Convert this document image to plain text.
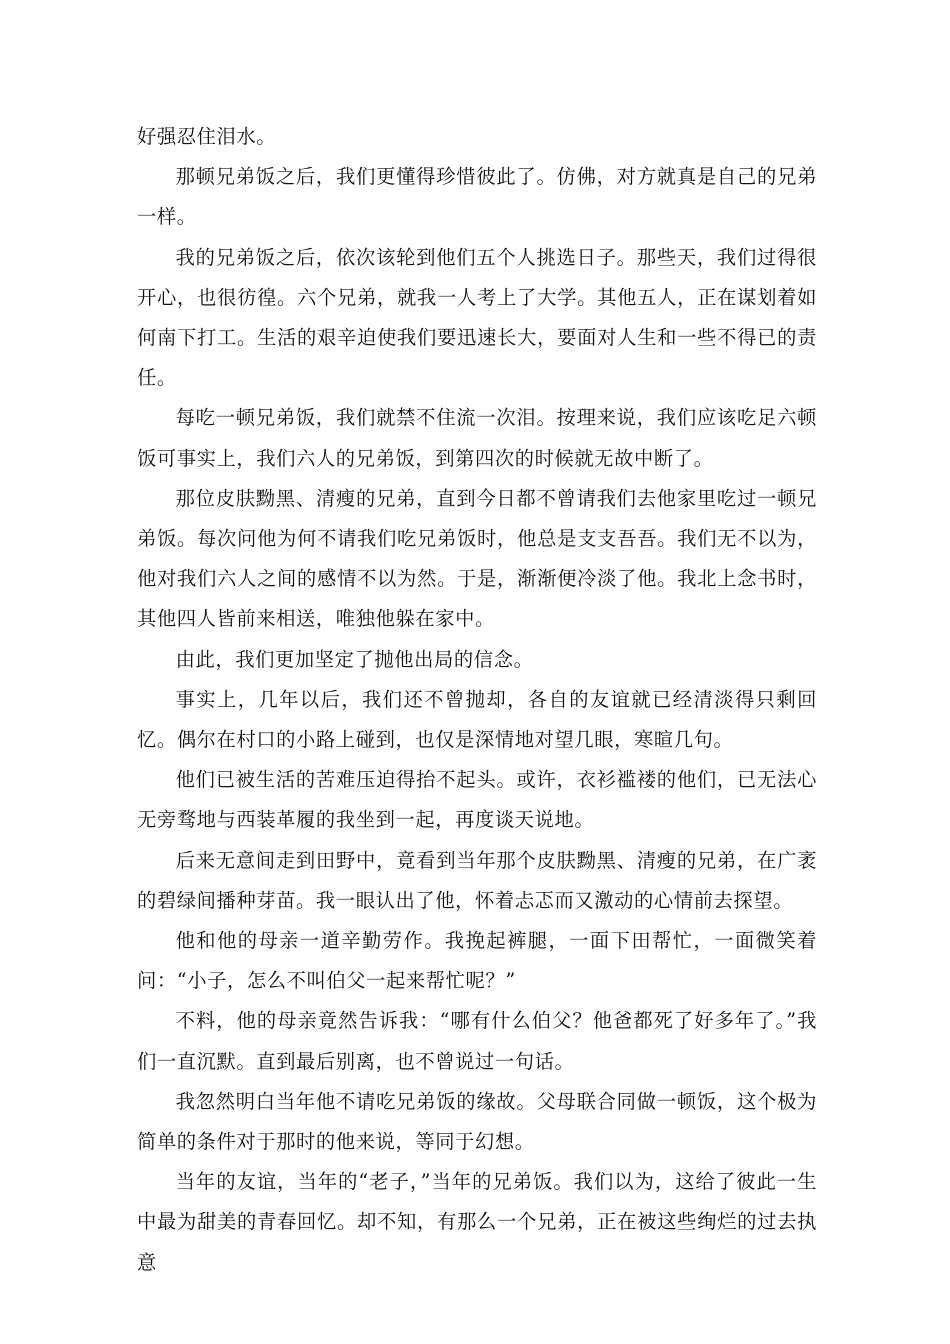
好强忍住泪水。

那顿兄弟饭之后，我们更懂得珍惜彼此了。仿佛，对方就真是自己的兄弟一样。

我的兄弟饭之后，依次该轮到他们五个人挑选日子。那些天，我们过得很开心，也很彷徨。六个兄弟，就我一人考上了大学。其他五人，正在谋划着如何南下打工。生活的艰辛迫使我们要迅速长大，要面对人生和一些不得已的责任。

每吃一顿兄弟饭，我们就禁不住流一次泪。按理来说，我们应该吃足六顿饭可事实上，我们六人的兄弟饭，到第四次的时候就无故中断了。

那位皮肤黝黑、清瘦的兄弟，直到今日都不曾请我们去他家里吃过一顿兄弟饭。每次问他为何不请我们吃兄弟饭时，他总是支支吾吾。我们无不以为，他对我们六人之间的感情不以为然。于是，渐渐便冷淡了他。我北上念书时，其他四人皆前来相送，唯独他躲在家中。

由此，我们更加坚定了抛他出局的信念。

事实上，几年以后，我们还不曾抛却，各自的友谊就已经清淡得只剩回忆。偶尔在村口的小路上碰到，也仅是深情地对望几眼，寒暄几句。

他们已被生活的苦难压迫得抬不起头。或许，衣衫褴褛的他们，已无法心无旁骛地与西装革履的我坐到一起，再度谈天说地。

后来无意间走到田野中，竟看到当年那个皮肤黝黑、清瘦的兄弟，在广袤的碧绿间播种芽苗。我一眼认出了他，怀着忐忑而又激动的心情前去探望。

他和他的母亲一道辛勤劳作。我挽起裤腿，一面下田帮忙，一面微笑着问：“小子，怎么不叫伯父一起来帮忙呢？”

不料，他的母亲竟然告诉我：“哪有什么伯父？他爸都死了好多年了。”我们一直沉默。直到最后别离，也不曾说过一句话。

我忽然明白当年他不请吃兄弟饭的缘故。父母联合同做一顿饭，这个极为简单的条件对于那时的他来说，等同于幻想。

当年的友谊，当年的“老子，”当年的兄弟饭。我们以为，这给了彼此一生中最为甜美的青春回忆。却不知，有那么一个兄弟，正在被这些绚烂的过去执意
